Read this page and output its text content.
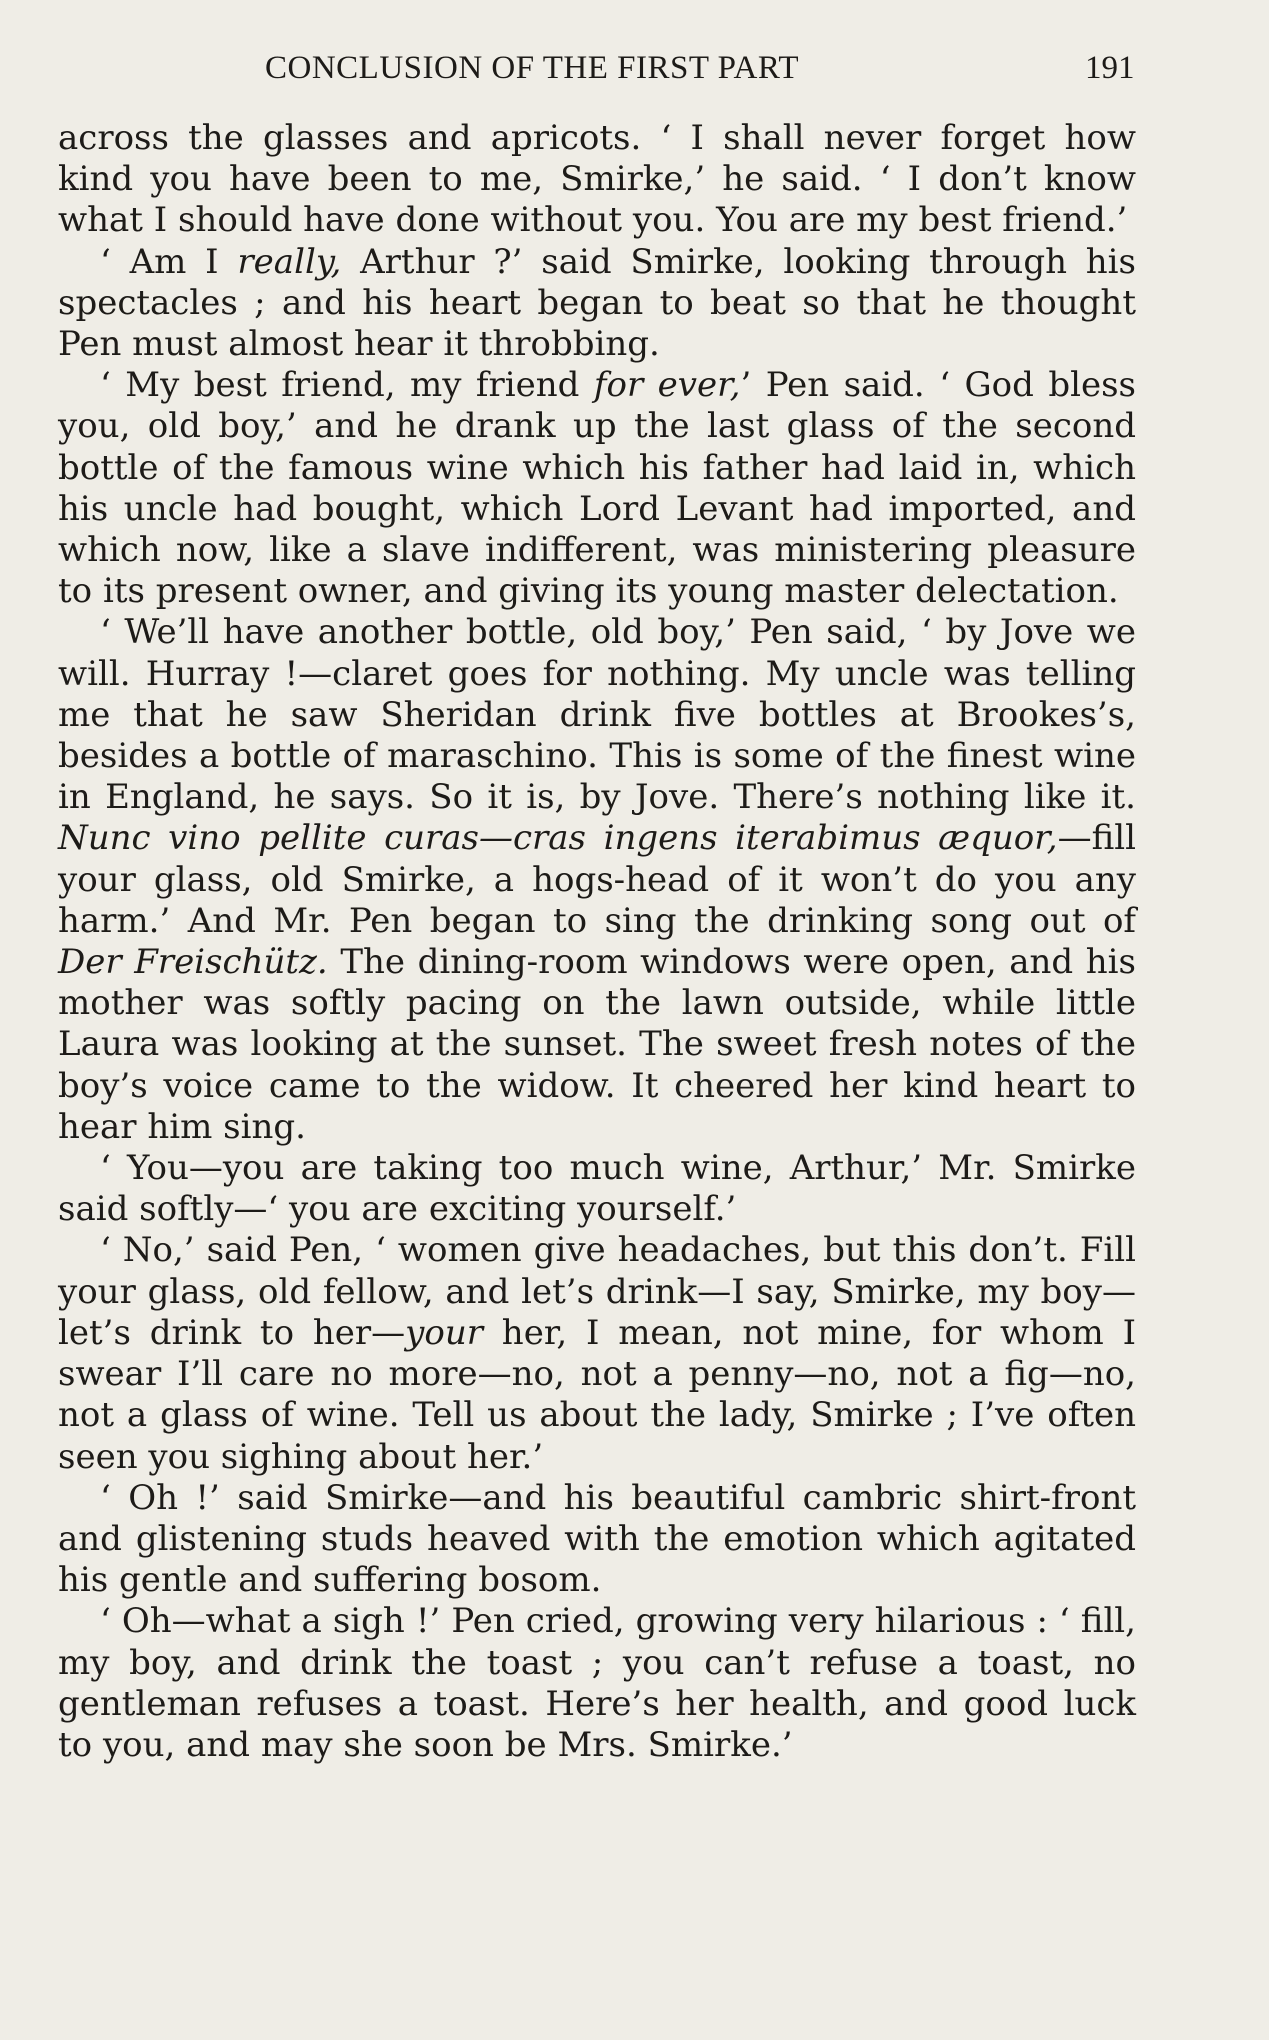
CONCLUSION OF THE FIRST PART	191

across the glasses and apricots. ‘ I shall never forget how kind you have been to me, Smirke,’ he said. ‘ I don’t know what I should have done without you. You are my best friend.’

‘ Am I really, Arthur ?’ said Smirke, looking through his spectacles ; and his heart began to beat so that he thought Pen must almost hear it throbbing.

‘ My best friend, my friend for ever,’ Pen said. ‘ God bless you, old boy,’ and he drank up the last glass of the second bottle of the famous wine which his father had laid in, which his uncle had bought, which Lord Levant had imported, and which now, like a slave indifferent, was ministering pleasure to its present owner, and giving its young master delectation.

‘ We’ll have another bottle, old boy,’ Pen said, ‘ by Jove we will. Hurray !—claret goes for nothing. My uncle was telling me that he saw Sheridan drink five bottles at Brookes’s, besides a bottle of maraschino. This is some of the finest wine in England, he says. So it is, by Jove. There’s nothing like it. Nunc vino pellite curas—cras ingens iterabimus æquor,—fill your glass, old Smirke, a hogs-head of it won’t do you any harm.’ And Mr. Pen began to sing the drinking song out of Der Freischütz. The dining-room windows were open, and his mother was softly pacing on the lawn outside, while little Laura was looking at the sunset. The sweet fresh notes of the boy’s voice came to the widow. It cheered her kind heart to hear him sing.

‘ You—you are taking too much wine, Arthur,’ Mr. Smirke said softly—‘ you are exciting yourself.’

‘ No,’ said Pen, ‘ women give headaches, but this don’t. Fill your glass, old fellow, and let’s drink—I say, Smirke, my boy—let’s drink to her—your her, I mean, not mine, for whom I swear I’ll care no more—no, not a penny—no, not a fig—no, not a glass of wine. Tell us about the lady, Smirke ; I’ve often seen you sighing about her.’

‘ Oh !’ said Smirke—and his beautiful cambric shirt-front and glistening studs heaved with the emotion which agitated his gentle and suffering bosom.

‘ Oh—what a sigh !’ Pen cried, growing very hilarious : ‘ fill, my boy, and drink the toast ; you can’t refuse a toast, no gentleman refuses a toast. Here’s her health, and good luck to you, and may she soon be Mrs. Smirke.’
